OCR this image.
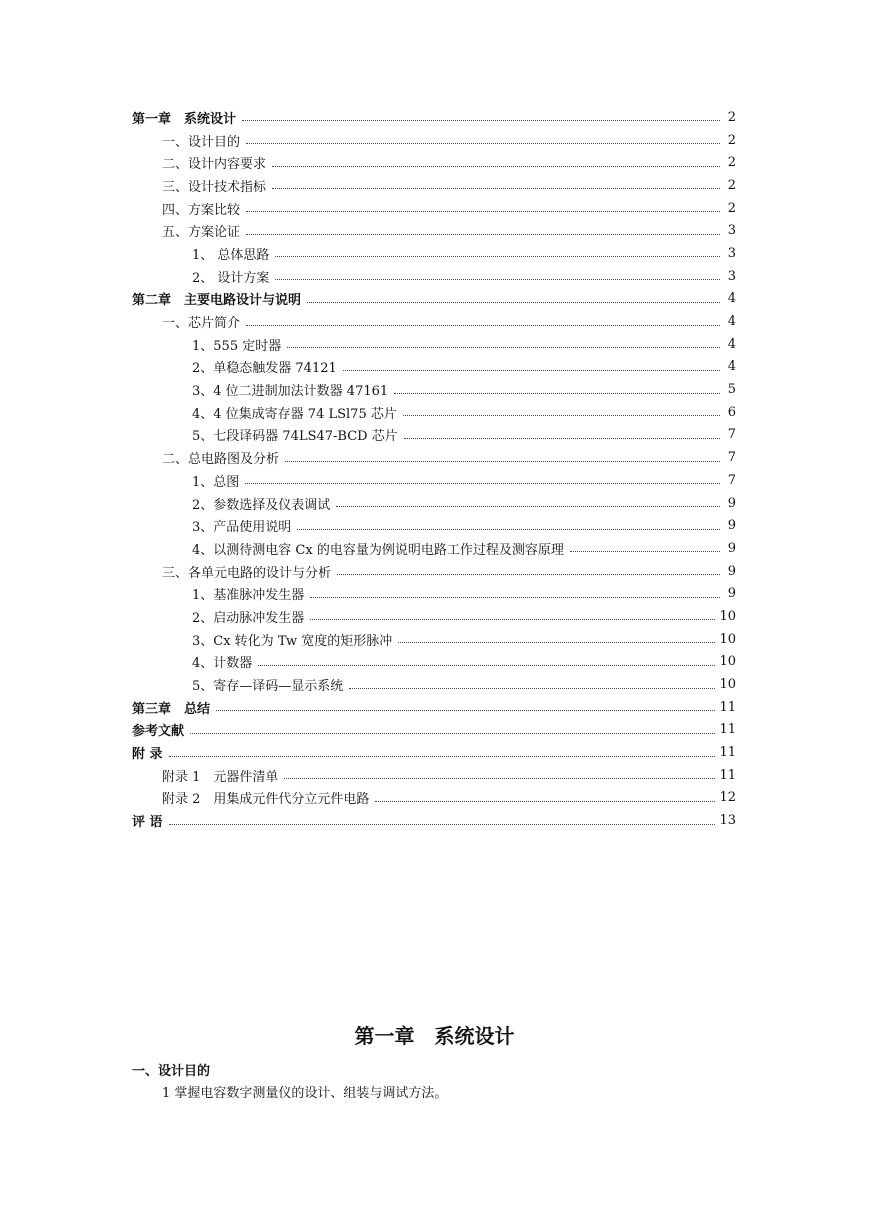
第一章　系统设计	2
一、设计目的	2
二、设计内容要求	2
三、设计技术指标	2
四、方案比较	2
五、方案论证	3
1、 总体思路	3
2、 设计方案	3
第二章　主要电路设计与说明	4
一、芯片简介	4
1、555 定时器	4
2、单稳态触发器 74121	4
3、4 位二进制加法计数器 47161	5
4、4 位集成寄存器 74 LSl75 芯片	6
5、七段译码器 74LS47-BCD 芯片	7
二、总电路图及分析	7
1、总图	7
2、参数选择及仪表调试	9
3、产品使用说明	9
4、以测待测电容 Cx 的电容量为例说明电路工作过程及测容原理	9
三、各单元电路的设计与分析	9
1、基准脉冲发生器	9
2、启动脉冲发生器	10
3、Cx 转化为 Tw 宽度的矩形脉冲	10
4、计数器	10
5、寄存—译码—显示系统	10
第三章　总结	11
参考文献	11
附 录	11
附录 1　元器件清单	11
附录 2　用集成元件代分立元件电路	12
评 语	13
第一章　系统设计
一、设计目的

1 掌握电容数字测量仪的设计、组装与调试方法。
